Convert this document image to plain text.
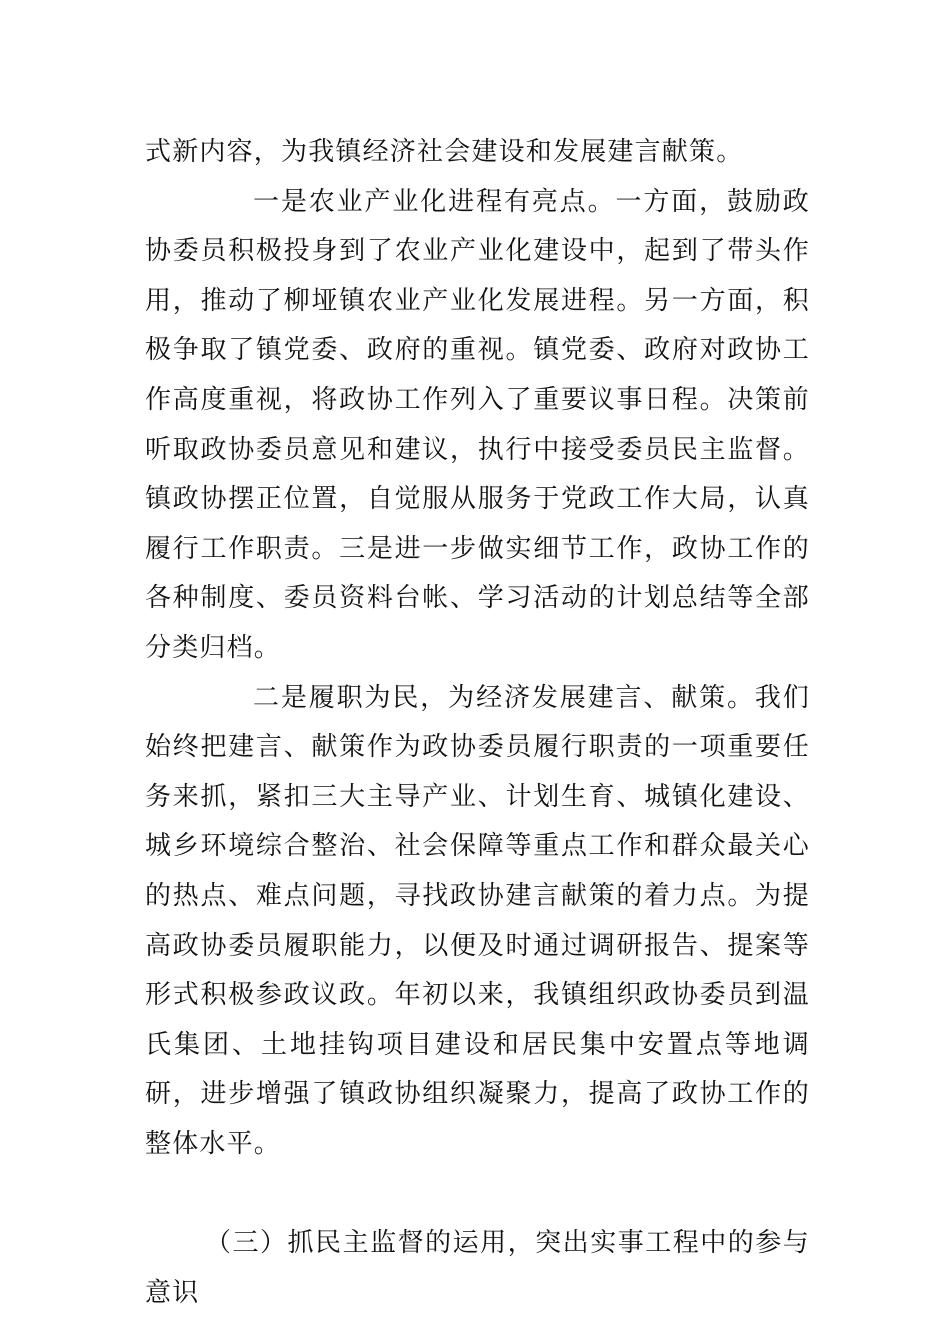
式新内容，为我镇经济社会建设和发展建言献策。

一是农业产业化进程有亮点。一方面，鼓励政协委员积极投身到了农业产业化建设中，起到了带头作用，推动了柳垭镇农业产业化发展进程。另一方面，积极争取了镇党委、政府的重视。镇党委、政府对政协工作高度重视，将政协工作列入了重要议事日程。决策前听取政协委员意见和建议，执行中接受委员民主监督。镇政协摆正位置，自觉服从服务于党政工作大局，认真履行工作职责。三是进一步做实细节工作，政协工作的各种制度、委员资料台帐、学习活动的计划总结等全部分类归档。

二是履职为民，为经济发展建言、献策。我们始终把建言、献策作为政协委员履行职责的一项重要任务来抓，紧扣三大主导产业、计划生育、城镇化建设、城乡环境综合整治、社会保障等重点工作和群众最关心的热点、难点问题，寻找政协建言献策的着力点。为提高政协委员履职能力，以便及时通过调研报告、提案等形式积极参政议政。年初以来，我镇组织政协委员到温氏集团、土地挂钩项目建设和居民集中安置点等地调研，进步增强了镇政协组织凝聚力，提高了政协工作的整体水平。

（三）抓民主监督的运用，突出实事工程中的参与意识
